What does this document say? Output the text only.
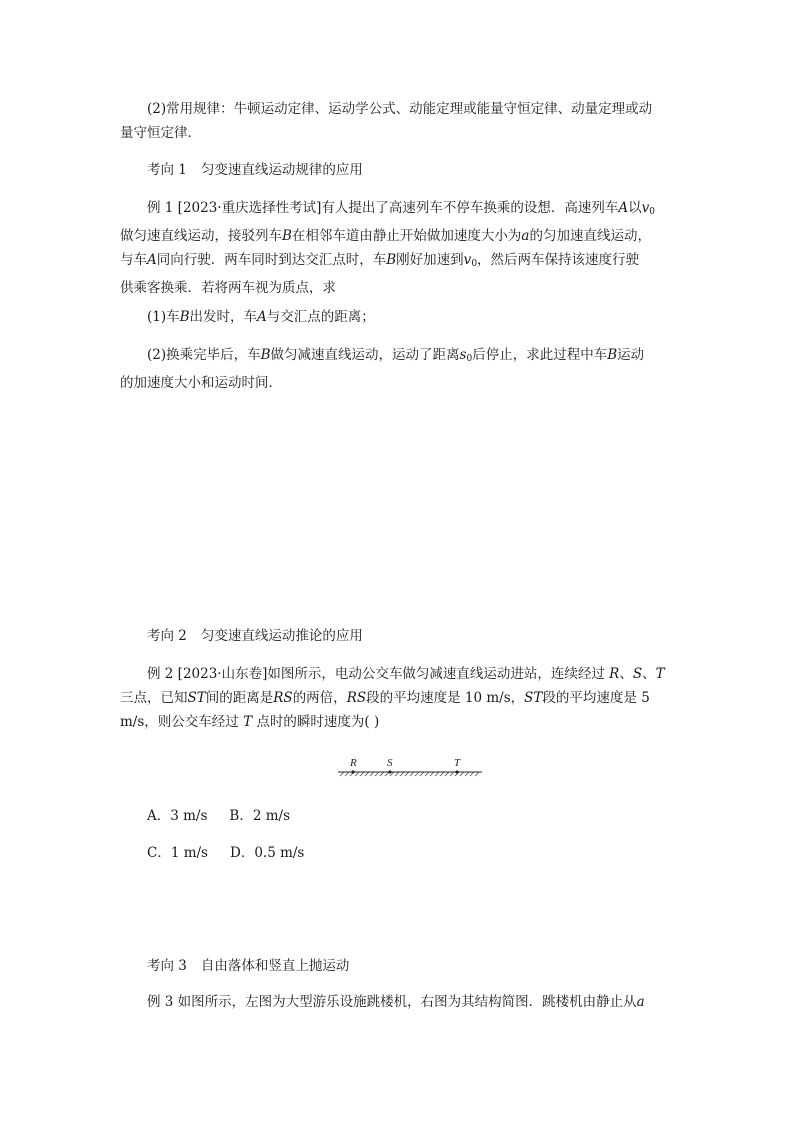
(2)常用规律：牛顿运动定律、运动学公式、动能定理或能量守恒定律、动量定理或动
量守恒定律．
考向 1 匀变速直线运动规律的应用
例 1 [2023·重庆选择性考试]有人提出了高速列车不停车换乘的设想．高速列车A以$v_0$
做匀速直线运动，接驳列车B在相邻车道由静止开始做加速度大小为a的匀加速直线运动，
与车A同向行驶．两车同时到达交汇点时，车B刚好加速到$v_0$，然后两车保持该速度行驶
供乘客换乘．若将两车视为质点，求
(1)车B出发时，车A与交汇点的距离；
(2)换乘完毕后，车B做匀减速直线运动，运动了距离$s_0$后停止，求此过程中车B运动
的加速度大小和运动时间．
考向 2 匀变速直线运动推论的应用
例 2 [2023·山东卷]如图所示，电动公交车做匀减速直线运动进站，连续经过 R、S、T三点，已知ST间的距离是RS的两倍，RS段的平均速度是 10 m/s，ST段的平均速度是 5
m/s，则公交车经过 T 点时的瞬时速度为( )
R	S	T
A．3 m/s B．2 m/s
C．1 m/s D．0.5 m/s
考向 3 自由落体和竖直上抛运动
例 3 如图所示，左图为大型游乐设施跳楼机，右图为其结构简图．跳楼机由静止从a
